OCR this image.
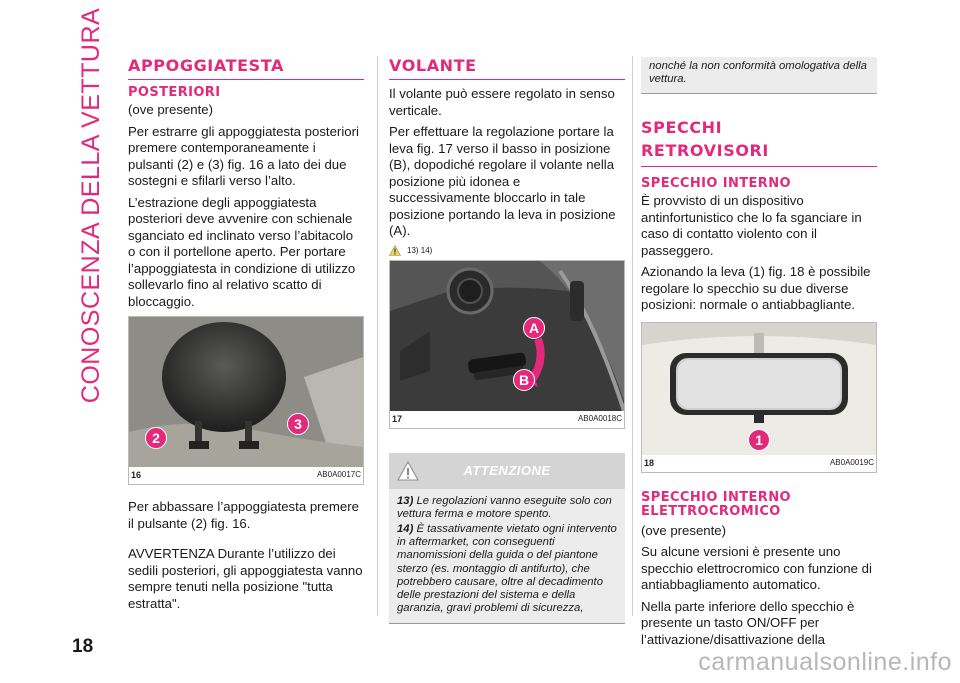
CONOSCENZA DELLA VETTURA APPOGGIATESTA
POSTERIORI

(ove presente)

Per estrarre gli appoggiatesta posteriori premere contemporaneamente i pulsanti (2) e (3) fig. 16 a lato dei due sostegni e sfilarli verso l’alto.

L’estrazione degli appoggiatesta posteriori deve avvenire con schienale sganciato ed inclinato verso l’abitacolo o con il portellone aperto. Per portare l’appoggiatesta in condizione di utilizzo sollevarlo fino al relativo scatto di bloccaggio.

2
3
16	AB0A0017C

Per abbassare l’appoggiatesta premere il pulsante (2) fig. 16.

AVVERTENZA Durante l’utilizzo dei sedili posteriori, gli appoggiatesta vanno sempre tenuti nella posizione "tutta estratta".

VOLANTE

Il volante può essere regolato in senso verticale.

Per effettuare la regolazione portare la leva fig. 17 verso il basso in posizione (B), dopodiché regolare il volante nella posizione più idonea e successivamente bloccarlo in tale posizione portando la leva in posizione (A).

13) 14)
A
B
17	AB0A0018C
ATTENZIONE

13) Le regolazioni vanno eseguite solo con vettura ferma e motore spento.

14) È tassativamente vietato ogni intervento in aftermarket, con conseguenti manomissioni della guida o del piantone sterzo (es. montaggio di antifurto), che potrebbero causare, oltre al decadimento delle prestazioni del sistema e della garanzia, gravi problemi di sicurezza,

nonché la non conformità omologativa della vettura.

SPECCHI
RETROVISORI
SPECCHIO INTERNO

È provvisto di un dispositivo antinfortunistico che lo fa sganciare in caso di contatto violento con il passeggero.

Azionando la leva (1) fig. 18 è possibile regolare lo specchio su due diverse posizioni: normale o antiabbagliante.

1
18	AB0A0019C
SPECCHIO INTERNO
ELETTROCROMICO

(ove presente)

Su alcune versioni è presente uno specchio elettrocromico con funzione di antiabbagliamento automatico.

Nella parte inferiore dello specchio è presente un tasto ON/OFF per l’attivazione/disattivazione della

18
carmanualsonline.info
